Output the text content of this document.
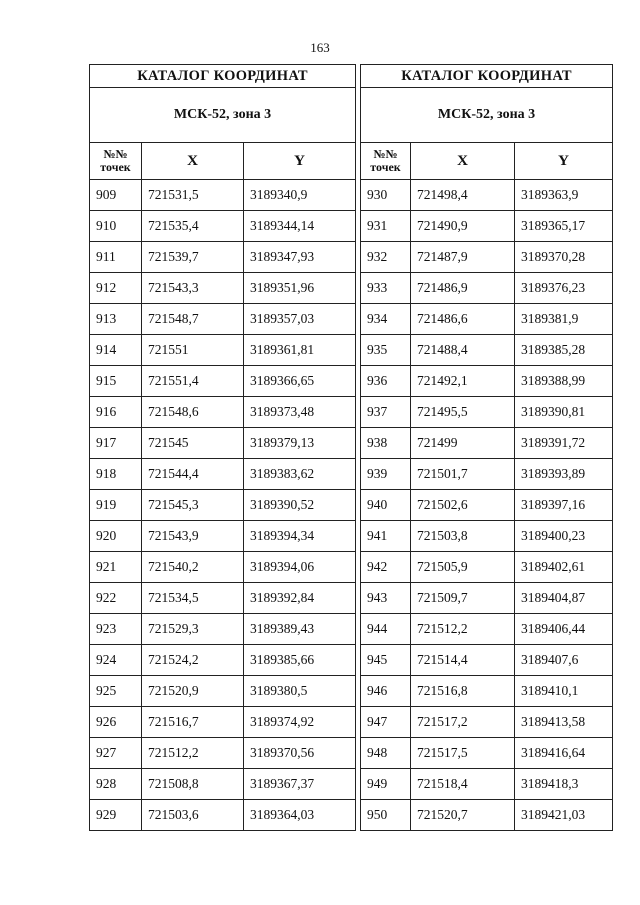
163
КАТАЛОГ КООРДИНАТ		
МСК-52, зона 3		
№№ точек	X	Y
909	721531,5	3189340,9
910	721535,4	3189344,14
911	721539,7	3189347,93
912	721543,3	3189351,96
913	721548,7	3189357,03
914	721551	3189361,81
915	721551,4	3189366,65
916	721548,6	3189373,48
917	721545	3189379,13
918	721544,4	3189383,62
919	721545,3	3189390,52
920	721543,9	3189394,34
921	721540,2	3189394,06
922	721534,5	3189392,84
923	721529,3	3189389,43
924	721524,2	3189385,66
925	721520,9	3189380,5
926	721516,7	3189374,92
927	721512,2	3189370,56
928	721508,8	3189367,37
929	721503,6	3189364,03
КАТАЛОГ КООРДИНАТ		
МСК-52, зона 3		
№№ точек	X	Y
930	721498,4	3189363,9
931	721490,9	3189365,17
932	721487,9	3189370,28
933	721486,9	3189376,23
934	721486,6	3189381,9
935	721488,4	3189385,28
936	721492,1	3189388,99
937	721495,5	3189390,81
938	721499	3189391,72
939	721501,7	3189393,89
940	721502,6	3189397,16
941	721503,8	3189400,23
942	721505,9	3189402,61
943	721509,7	3189404,87
944	721512,2	3189406,44
945	721514,4	3189407,6
946	721516,8	3189410,1
947	721517,2	3189413,58
948	721517,5	3189416,64
949	721518,4	3189418,3
950	721520,7	3189421,03
